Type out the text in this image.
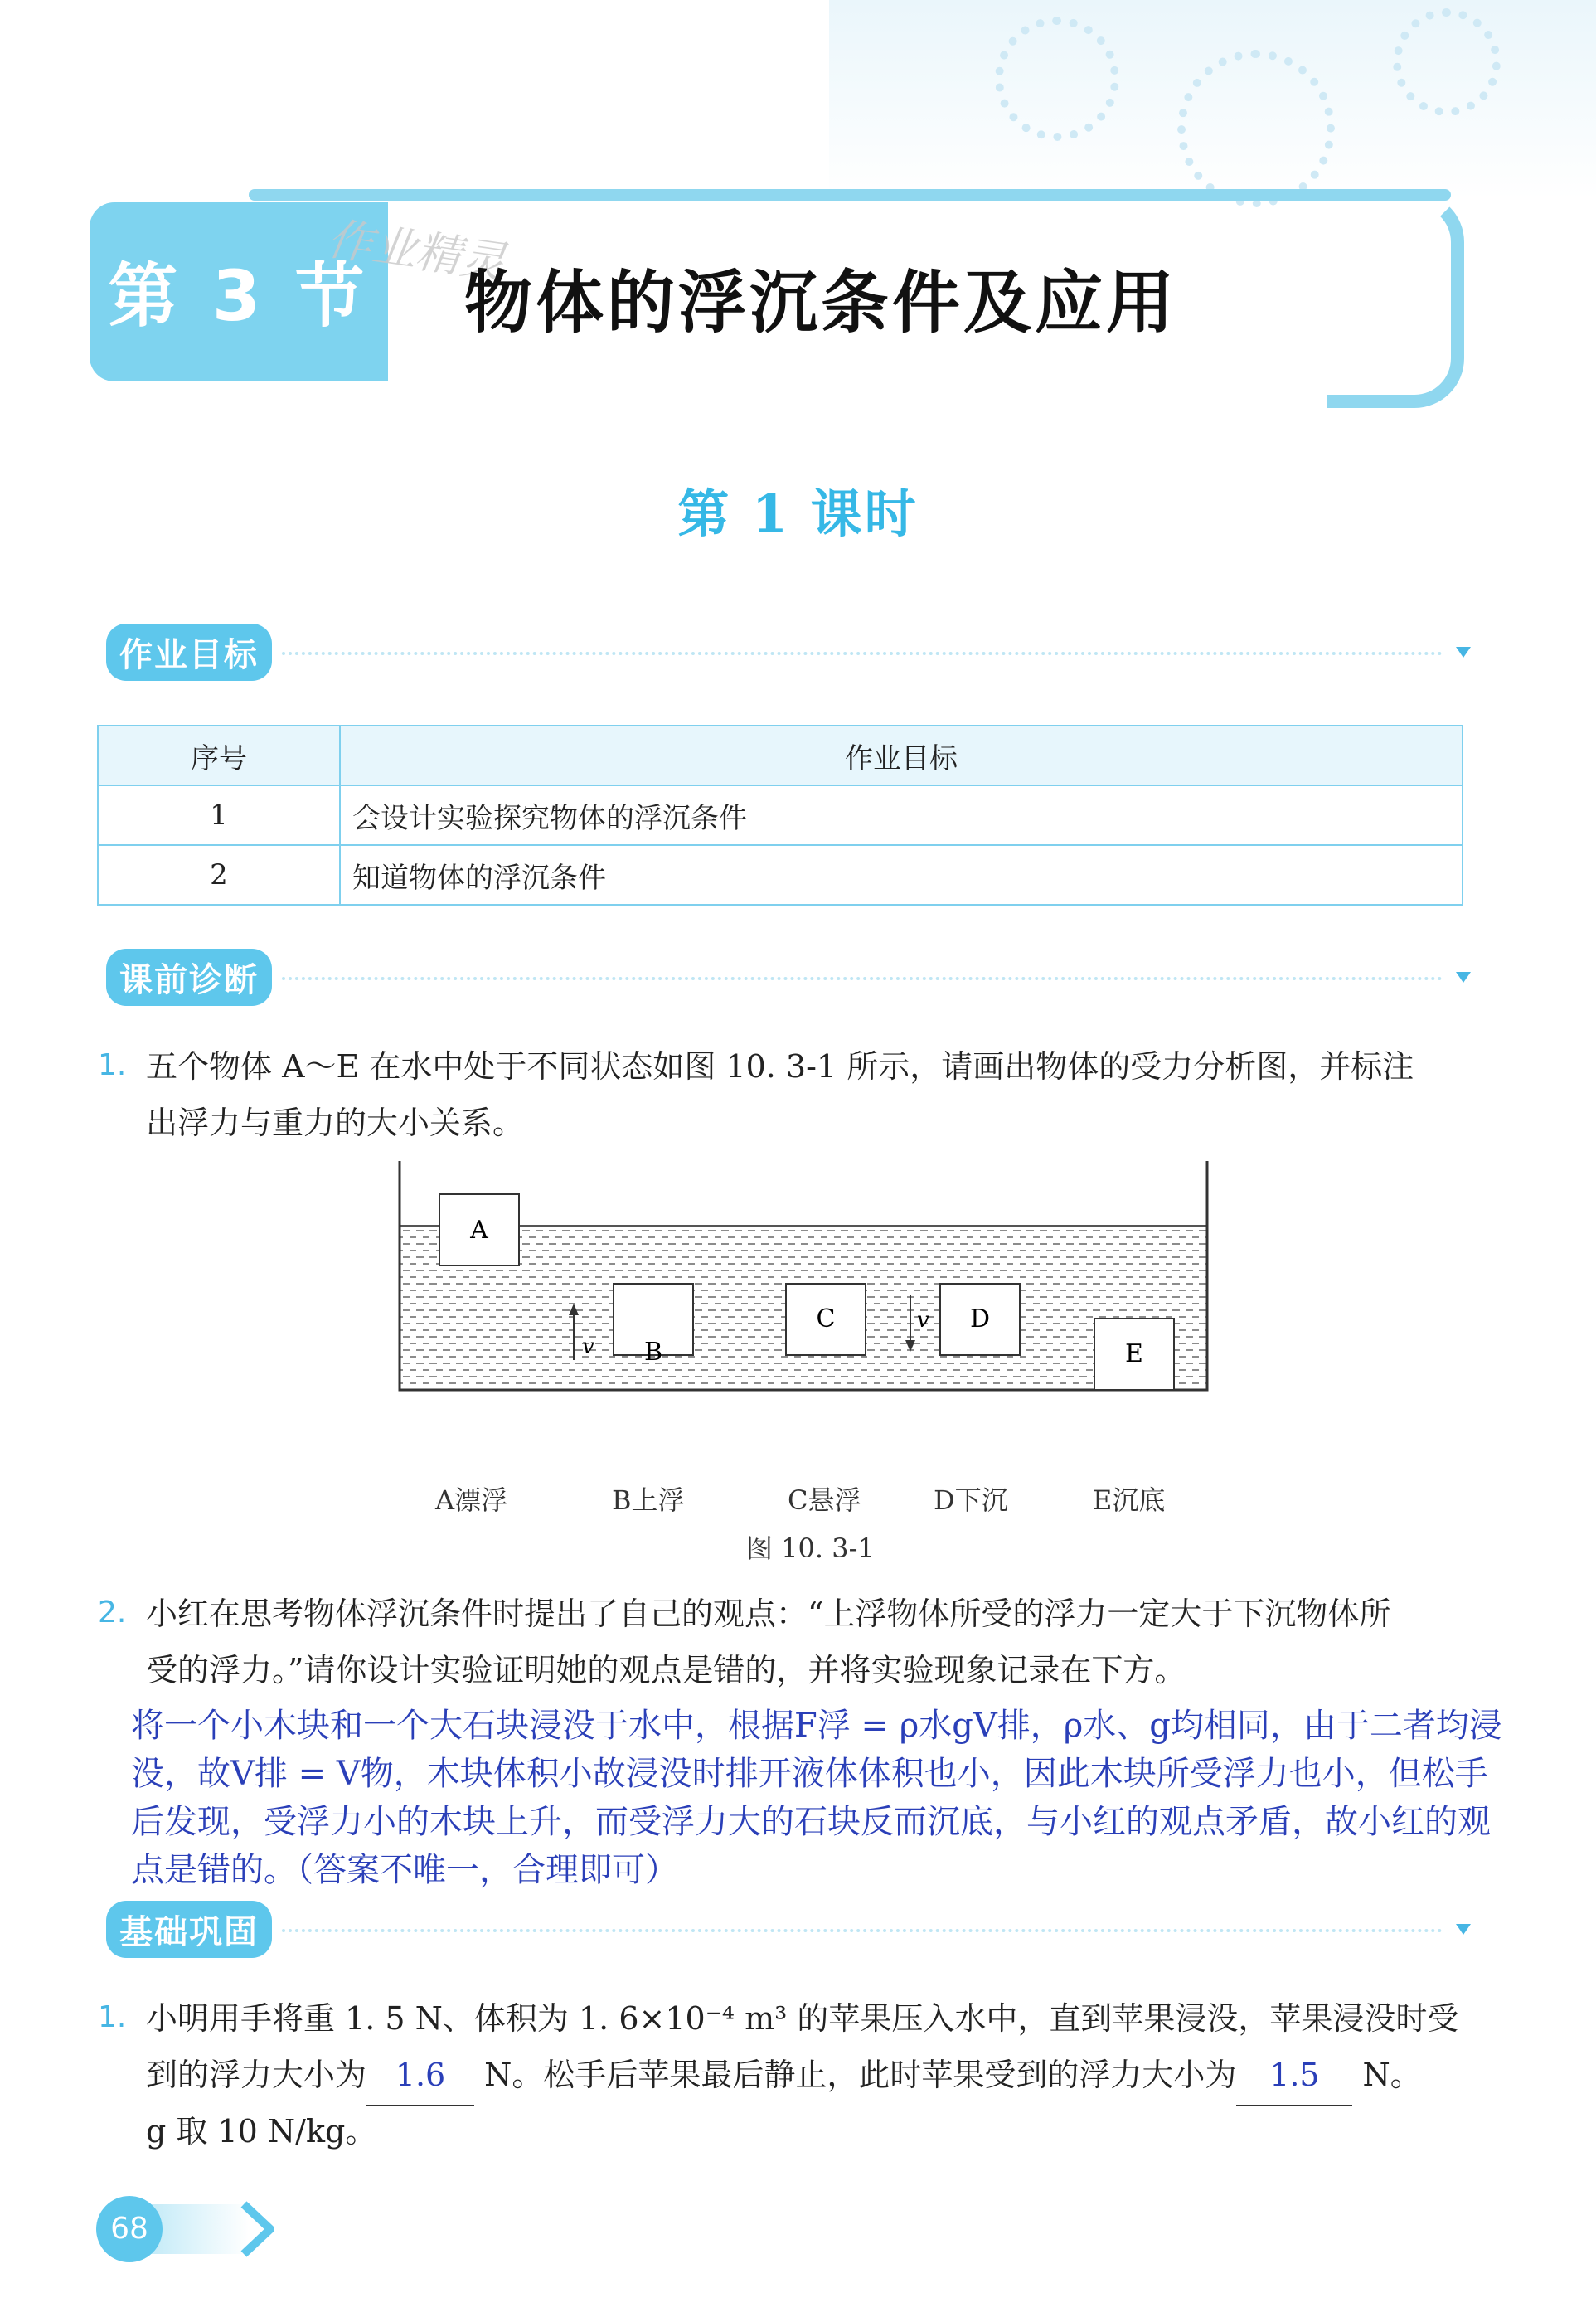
第 3 节
作业精灵
物体的浮沉条件及应用
第 1 课时
作业目标
序号	作业目标
1	会设计实验探究物体的浮沉条件
2	知道物体的浮沉条件
课前诊断
1. 五个物体 A～E 在水中处于不同状态如图 10. 3-1 所示，请画出物体的受力分析图，并标注
出浮力与重力的大小关系。
A
B
v
C	v D
E
A漂浮	B上浮	C悬浮	D下沉	E沉底
图 10. 3-1
2. 小红在思考物体浮沉条件时提出了自己的观点：“上浮物体所受的浮力一定大于下沉物体所
受的浮力。”请你设计实验证明她的观点是错的，并将实验现象记录在下方。
将一个小木块和一个大石块浸没于水中，根据F浮 = ρ水gV排，ρ水、g均相同，由于二者均浸
没，故V排 = V物，木块体积小故浸没时排开液体体积也小，因此木块所受浮力也小，但松手
后发现，受浮力小的木块上升，而受浮力大的石块反而沉底，与小红的观点矛盾，故小红的观
点是错的。（答案不唯一，合理即可）
基础巩固
1. 小明用手将重 1. 5 N、体积为 1. 6×10⁻⁴ m³ 的苹果压入水中，直到苹果浸没，苹果浸没时受
到的浮力大小为 1.6 N。松手后苹果最后静止，此时苹果受到的浮力大小为 1.5 N。
g 取 10 N/kg。
68
